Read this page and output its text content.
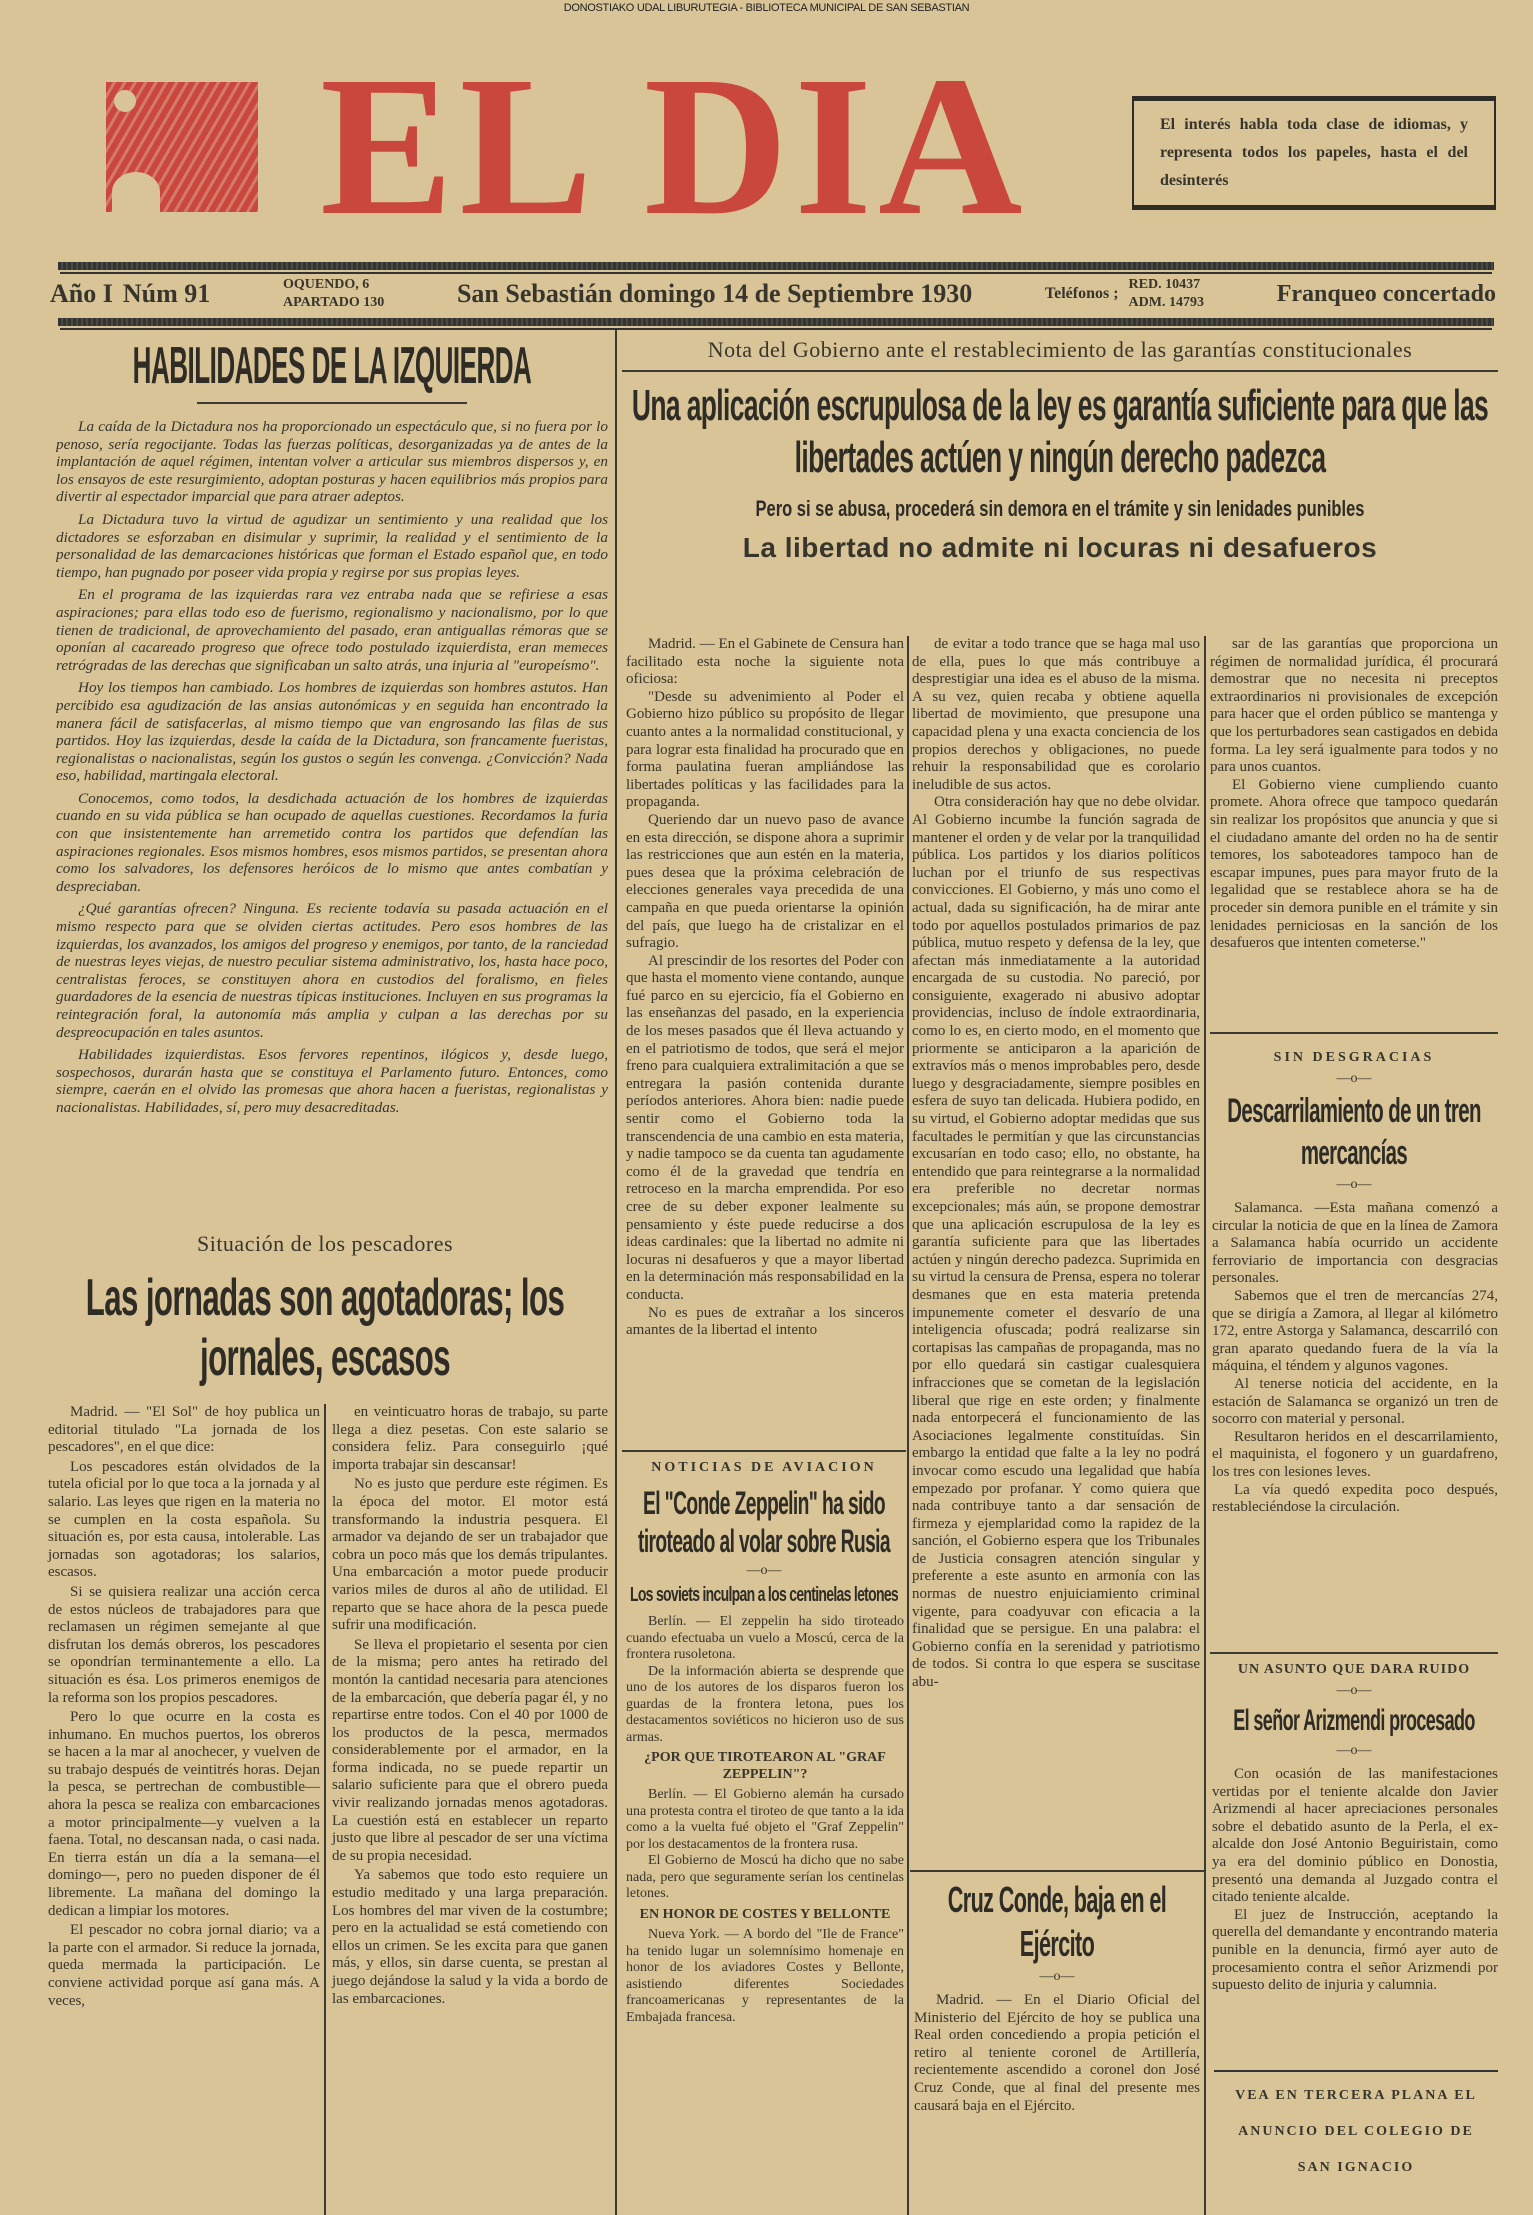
DONOSTIAKO UDAL LIBURUTEGIA - BIBLIOTECA MUNICIPAL DE SAN SEBASTIAN
EL DIA	El interés habla toda clase de idiomas, y representa todos los papeles, hasta el del desinterés
Año I Núm 91	OQUENDO, 6
APARTADO 130	San Sebastián domingo 14 de Septiembre 1930	Teléfonos ;
RED. 10437
ADM. 14793	Franqueo concertado
HABILIDADES DE LA IZQUIERDA

La caída de la Dictadura nos ha proporcionado un espectáculo que, si no fuera por lo penoso, sería regocijante. Todas las fuerzas políticas, desorganizadas ya de antes de la implantación de aquel régimen, intentan volver a articular sus miembros dispersos y, en los ensayos de este resurgimiento, adoptan posturas y hacen equilibrios más propios para divertir al espectador imparcial que para atraer adeptos.

La Dictadura tuvo la virtud de agudizar un sentimiento y una realidad que los dictadores se esforzaban en disimular y suprimir, la realidad y el sentimiento de la personalidad de las demarcaciones históricas que forman el Estado español que, en todo tiempo, han pugnado por poseer vida propia y regirse por sus propias leyes.

En el programa de las izquierdas rara vez entraba nada que se refiriese a esas aspiraciones; para ellas todo eso de fuerismo, regionalismo y nacionalismo, por lo que tienen de tradicional, de aprovechamiento del pasado, eran antiguallas rémoras que se oponían al cacareado progreso que ofrece todo postulado izquierdista, eran memeces retrógradas de las derechas que significaban un salto atrás, una injuria al "europeísmo".

Hoy los tiempos han cambiado. Los hombres de izquierdas son hombres astutos. Han percibido esa agudización de las ansias autonómicas y en seguida han encontrado la manera fácil de satisfacerlas, al mismo tiempo que van engrosando las filas de sus partidos. Hoy las izquierdas, desde la caída de la Dictadura, son francamente fueristas, regionalistas o nacionalistas, según los gustos o según les convenga. ¿Convicción? Nada eso, habilidad, martingala electoral.

Conocemos, como todos, la desdichada actuación de los hombres de izquierdas cuando en su vida pública se han ocupado de aquellas cuestiones. Recordamos la furia con que insistentemente han arremetido contra los partidos que defendían las aspiraciones regionales. Esos mismos hombres, esos mismos partidos, se presentan ahora como los salvadores, los defensores heróicos de lo mismo que antes combatían y despreciaban.

¿Qué garantías ofrecen? Ninguna. Es reciente todavía su pasada actuación en el mismo respecto para que se olviden ciertas actitudes. Pero esos hombres de las izquierdas, los avanzados, los amigos del progreso y enemigos, por tanto, de la ranciedad de nuestras leyes viejas, de nuestro peculiar sistema administrativo, los, hasta hace poco, centralistas feroces, se constituyen ahora en custodios del foralismo, en fieles guardadores de la esencia de nuestras típicas instituciones. Incluyen en sus programas la reintegración foral, la autonomía más amplia y culpan a las derechas por su despreocupación en tales asuntos.

Habilidades izquierdistas. Esos fervores repentinos, ilógicos y, desde luego, sospechosos, durarán hasta que se constituya el Parlamento futuro. Entonces, como siempre, caerán en el olvido las promesas que ahora hacen a fueristas, regionalistas y nacionalistas. Habilidades, sí, pero muy desacreditadas.

Situación de los pescadores
Las jornadas son agotadoras; los jornales, escasos

Madrid. — "El Sol" de hoy publica un editorial titulado "La jornada de los pescadores", en el que dice:

Los pescadores están olvidados de la tutela oficial por lo que toca a la jornada y al salario. Las leyes que rigen en la materia no se cumplen en la costa española. Su situación es, por esta causa, intolerable. Las jornadas son agotadoras; los salarios, escasos.

Si se quisiera realizar una acción cerca de estos núcleos de trabajadores para que reclamasen un régimen semejante al que disfrutan los demás obreros, los pescadores se opondrían terminantemente a ello. La situación es ésa. Los primeros enemigos de la reforma son los propios pescadores.

Pero lo que ocurre en la costa es inhumano. En muchos puertos, los obreros se hacen a la mar al anochecer, y vuelven de su trabajo después de veintitrés horas. Dejan la pesca, se pertrechan de combustible—ahora la pesca se realiza con embarcaciones a motor principalmente—y vuelven a la faena. Total, no descansan nada, o casi nada. En tierra están un día a la semana—el domingo—, pero no pueden disponer de él libremente. La mañana del domingo la dedican a limpiar los motores.

El pescador no cobra jornal diario; va a la parte con el armador. Si reduce la jornada, queda mermada la participación. Le conviene actividad porque así gana más. A veces,

en veinticuatro horas de trabajo, su parte llega a diez pesetas. Con este salario se considera feliz. Para conseguirlo ¡qué importa trabajar sin descansar!

No es justo que perdure este régimen. Es la época del motor. El motor está transformando la industria pesquera. El armador va dejando de ser un trabajador que cobra un poco más que los demás tripulantes. Una embarcación a motor puede producir varios miles de duros al año de utilidad. El reparto que se hace ahora de la pesca puede sufrir una modificación.

Se lleva el propietario el sesenta por cien de la misma; pero antes ha retirado del montón la cantidad necesaria para atenciones de la embarcación, que debería pagar él, y no repartirse entre todos. Con el 40 por 1000 de los productos de la pesca, mermados considerablemente por el armador, en la forma indicada, no se puede repartir un salario suficiente para que el obrero pueda vivir realizando jornadas menos agotadoras. La cuestión está en establecer un reparto justo que libre al pescador de ser una víctima de su propia necesidad.

Ya sabemos que todo esto requiere un estudio meditado y una larga preparación. Los hombres del mar viven de la costumbre; pero en la actualidad se está cometiendo con ellos un crimen. Se les excita para que ganen más, y ellos, sin darse cuenta, se prestan al juego dejándose la salud y la vida a bordo de las embarcaciones.

Nota del Gobierno ante el restablecimiento de las garantías constitucionales
Una aplicación escrupulosa de la ley es garantía suficiente para que las libertades actúen y ningún derecho padezca
Pero si se abusa, procederá sin demora en el trámite y sin lenidades punibles
La libertad no admite ni locuras ni desafueros

Madrid. — En el Gabinete de Censura han facilitado esta noche la siguiente nota oficiosa:

"Desde su advenimiento al Poder el Gobierno hizo público su propósito de llegar cuanto antes a la normalidad constitucional, y para lograr esta finalidad ha procurado que en forma paulatina fueran ampliándose las libertades políticas y las facilidades para la propaganda.

Queriendo dar un nuevo paso de avance en esta dirección, se dispone ahora a suprimir las restricciones que aun estén en la materia, pues desea que la próxima celebración de elecciones generales vaya precedida de una campaña en que pueda orientarse la opinión del país, que luego ha de cristalizar en el sufragio.

Al prescindir de los resortes del Poder con que hasta el momento viene contando, aunque fué parco en su ejercicio, fía el Gobierno en las enseñanzas del pasado, en la experiencia de los meses pasados que él lleva actuando y en el patriotismo de todos, que será el mejor freno para cualquiera extralimitación a que se entregara la pasión contenida durante períodos anteriores. Ahora bien: nadie puede sentir como el Gobierno toda la transcendencia de una cambio en esta materia, y nadie tampoco se da cuenta tan agudamente como él de la gravedad que tendría en retroceso en la marcha emprendida. Por eso cree de su deber exponer lealmente su pensamiento y éste puede reducirse a dos ideas cardinales: que la libertad no admite ni locuras ni desafueros y que a mayor libertad en la determinación más responsabilidad en la conducta.

No es pues de extrañar a los sinceros amantes de la libertad el intento

de evitar a todo trance que se haga mal uso de ella, pues lo que más contribuye a desprestigiar una idea es el abuso de la misma. A su vez, quien recaba y obtiene aquella libertad de movimiento, que presupone una capacidad plena y una exacta conciencia de los propios derechos y obligaciones, no puede rehuir la responsabilidad que es corolario ineludible de sus actos.

Otra consideración hay que no debe olvidar. Al Gobierno incumbe la función sagrada de mantener el orden y de velar por la tranquilidad pública. Los partidos y los diarios políticos luchan por el triunfo de sus respectivas convicciones. El Gobierno, y más uno como el actual, dada su significación, ha de mirar ante todo por aquellos postulados primarios de paz pública, mutuo respeto y defensa de la ley, que afectan más inmediatamente a la autoridad encargada de su custodia. No pareció, por consiguiente, exagerado ni abusivo adoptar providencias, incluso de índole extraordinaria, como lo es, en cierto modo, en el momento que priormente se anticiparon a la aparición de extravíos más o menos improbables pero, desde luego y desgraciadamente, siempre posibles en esfera de suyo tan delicada. Hubiera podido, en su virtud, el Gobierno adoptar medidas que sus facultades le permitían y que las circunstancias excusarían en todo caso; ello, no obstante, ha entendido que para reintegrarse a la normalidad era preferible no decretar normas excepcionales; más aún, se propone demostrar que una aplicación escrupulosa de la ley es garantía suficiente para que las libertades actúen y ningún derecho padezca. Suprimida en su virtud la censura de Prensa, espera no tolerar desmanes que en esta materia pretenda impunemente cometer el desvarío de una inteligencia ofuscada; podrá realizarse sin cortapisas las campañas de propaganda, mas no por ello quedará sin castigar cualesquiera infracciones que se cometan de la legislación liberal que rige en este orden; y finalmente nada entorpecerá el funcionamiento de las Asociaciones legalmente constituídas. Sin embargo la entidad que falte a la ley no podrá invocar como escudo una legalidad que había empezado por profanar. Y como quiera que nada contribuye tanto a dar sensación de firmeza y ejemplaridad como la rapidez de la sanción, el Gobierno espera que los Tribunales de Justicia consagren atención singular y preferente a este asunto en armonía con las normas de nuestro enjuiciamiento criminal vigente, para coadyuvar con eficacia a la finalidad que se persigue. En una palabra: el Gobierno confía en la serenidad y patriotismo de todos. Si contra lo que espera se suscitase abu-

sar de las garantías que proporciona un régimen de normalidad jurídica, él procurará demostrar que no necesita ni preceptos extraordinarios ni provisionales de excepción para hacer que el orden público se mantenga y que los perturbadores sean castigados en debida forma. La ley será igualmente para todos y no para unos cuantos.

El Gobierno viene cumpliendo cuanto promete. Ahora ofrece que tampoco quedarán sin realizar los propósitos que anuncia y que si el ciudadano amante del orden no ha de sentir temores, los saboteadores tampoco han de escapar impunes, pues para mayor fruto de la legalidad que se restablece ahora se ha de proceder sin demora punible en el trámite y sin lenidades perniciosas en la sanción de los desafueros que intenten cometerse."

NOTICIAS DE AVIACION
El "Conde Zeppelin" ha sido tiroteado al volar sobre Rusia
—o—
Los soviets inculpan a los centinelas letones

Berlín. — El zeppelin ha sido tiroteado cuando efectuaba un vuelo a Moscú, cerca de la frontera rusoletona.

De la información abierta se desprende que uno de los autores de los disparos fueron los guardas de la frontera letona, pues los destacamentos soviéticos no hicieron uso de sus armas.

¿POR QUE TIROTEARON AL "GRAF ZEPPELIN"?

Berlín. — El Gobierno alemán ha cursado una protesta contra el tiroteo de que tanto a la ida como a la vuelta fué objeto el "Graf Zeppelin" por los destacamentos de la frontera rusa.

El Gobierno de Moscú ha dicho que no sabe nada, pero que seguramente serían los centinelas letones.

EN HONOR DE COSTES Y BELLONTE

Nueva York. — A bordo del "Ile de France" ha tenido lugar un solemnísimo homenaje en honor de los aviadores Costes y Bellonte, asistiendo diferentes Sociedades francoamericanas y representantes de la Embajada francesa.

Cruz Conde, baja en el Ejército
—o—

Madrid. — En el Diario Oficial del Ministerio del Ejército de hoy se publica una Real orden concediendo a propia petición el retiro al teniente coronel de Artillería, recientemente ascendido a coronel don José Cruz Conde, que al final del presente mes causará baja en el Ejército.

SIN DESGRACIAS
—o—
Descarrilamiento de un tren mercancías
—o—

Salamanca. —Esta mañana comenzó a circular la noticia de que en la línea de Zamora a Salamanca había ocurrido un accidente ferroviario de importancia con desgracias personales.

Sabemos que el tren de mercancías 274, que se dirigía a Zamora, al llegar al kilómetro 172, entre Astorga y Salamanca, descarriló con gran aparato quedando fuera de la vía la máquina, el téndem y algunos vagones.

Al tenerse noticia del accidente, en la estación de Salamanca se organizó un tren de socorro con material y personal.

Resultaron heridos en el descarrilamiento, el maquinista, el fogonero y un guardafreno, los tres con lesiones leves.

La vía quedó expedita poco después, restableciéndose la circulación.

UN ASUNTO QUE DARA RUIDO
—o—
El señor Arizmendi procesado
—o—

Con ocasión de las manifestaciones vertidas por el teniente alcalde don Javier Arizmendi al hacer apreciaciones personales sobre el debatido asunto de la Perla, el ex-alcalde don José Antonio Beguiristain, como ya era del dominio público en Donostia, presentó una demanda al Juzgado contra el citado teniente alcalde.

El juez de Instrucción, aceptando la querella del demandante y encontrando materia punible en la denuncia, firmó ayer auto de procesamiento contra el señor Arizmendi por supuesto delito de injuria y calumnia.

VEA EN TERCERA PLANA EL
ANUNCIO DEL COLEGIO DE
SAN IGNACIO
